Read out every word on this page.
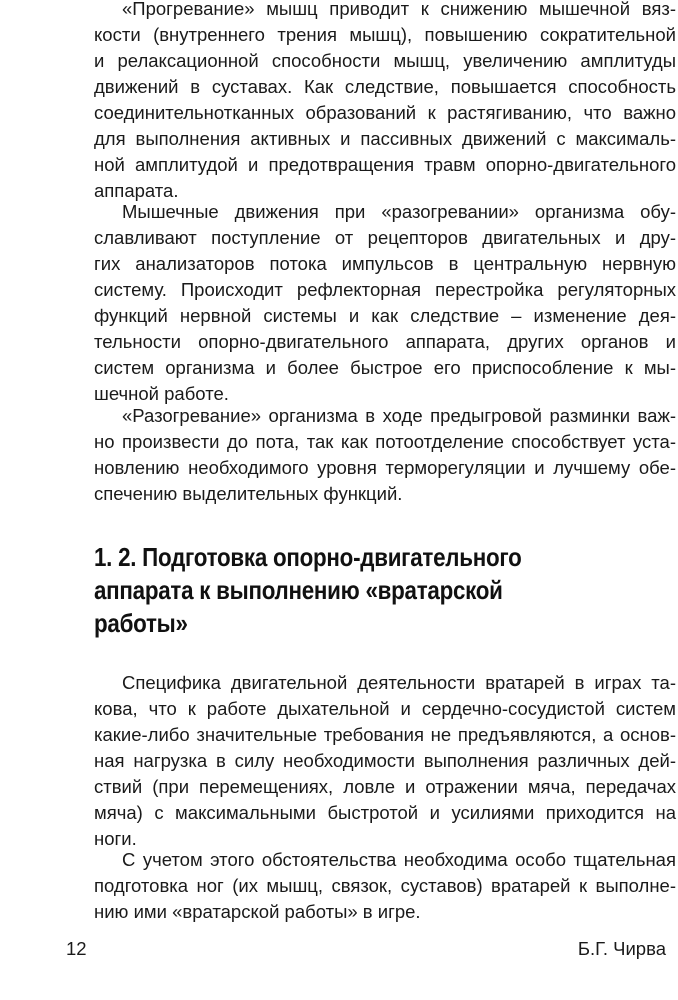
«Прогревание» мышц приводит к снижению мышечной вяз-
кости (внутреннего трения мышц), повышению сократительной
и релаксационной способности мышц, увеличению амплитуды
движений в суставах. Как следствие, повышается способность
соединительнотканных образований к растягиванию, что важно
для выполнения активных и пассивных движений с максималь-
ной амплитудой и предотвращения травм опорно-двигательного
аппарата.
Мышечные движения при «разогревании» организма обу-
славливают поступление от рецепторов двигательных и дру-
гих анализаторов потока импульсов в центральную нервную
систему. Происходит рефлекторная перестройка регуляторных
функций нервной системы и как следствие – изменение дея-
тельности опорно-двигательного аппарата, других органов и
систем организма и более быстрое его приспособление к мы-
шечной работе.
«Разогревание» организма в ходе предыгровой разминки важ-
но произвести до пота, так как потоотделение способствует уста-
новлению необходимого уровня терморегуляции и лучшему обе-
спечению выделительных функций.
1. 2. Подготовка опорно-двигательного
аппарата к выполнению «вратарской
работы»
Специфика двигательной деятельности вратарей в играх та-
кова, что к работе дыхательной и сердечно-сосудистой систем
какие-либо значительные требования не предъявляются, а основ-
ная нагрузка в силу необходимости выполнения различных дей-
ствий (при перемещениях, ловле и отражении мяча, передачах
мяча) с максимальными быстротой и усилиями приходится на
ноги.
С учетом этого обстоятельства необходима особо тщательная
подготовка ног (их мышц, связок, суставов) вратарей к выполне-
нию ими «вратарской работы» в игре.
12	Б.Г. Чирва
